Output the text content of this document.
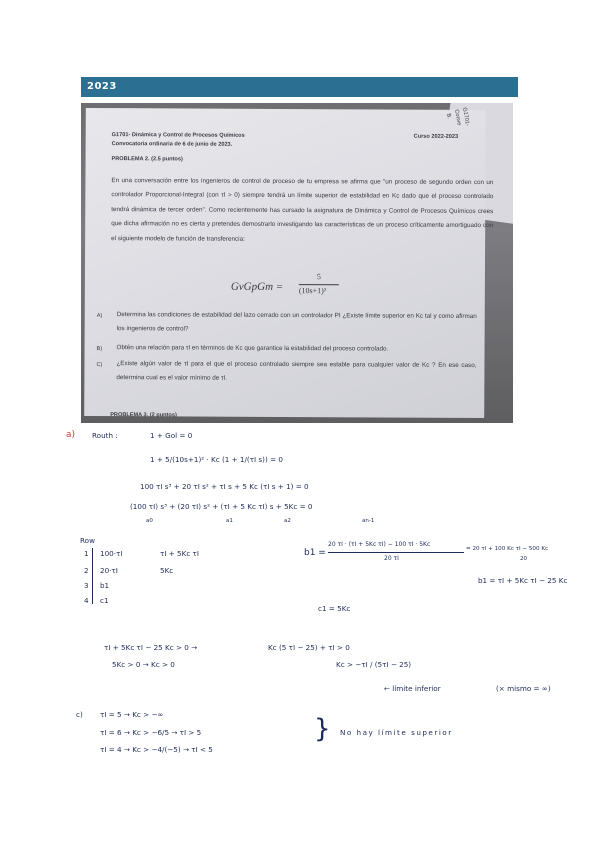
2023
G1701- Dinámica y Control de Procesos Químicos
Convocatoria ordinaria de 6 de junio de 2023.
Curso 2022-2023
PROBLEMA 2. (2.5 puntos)
En una conversación entre los ingenieros de control de proceso de tu empresa se afirma que "un proceso de segundo orden con un controlador Proporcional-Integral (con τI > 0) siempre tendrá un límite superior de estabilidad en Kc dado que el proceso controlado tendrá dinámica de tercer orden". Como recientemente has cursado la asignatura de Dinámica y Control de Procesos Químicos crees que dicha afirmación no es cierta y pretendes demostrarlo investigando las características de un proceso críticamente amortiguado con el siguiente modelo de función de transferencia:
GvGpGm =
5
(10s+1)²
A) Determina las condiciones de estabilidad del lazo cerrado con un controlador PI ¿Existe límite superior en Kc tal y como afirman los ingenieros de control?
B) Obtén una relación para τI en términos de Kc que garantice la estabilidad del proceso controlado.
C) ¿Existe algún valor de τI para el que el proceso controlado siempre sea estable para cualquier valor de Kc ? En ese caso, determina cual es el valor mínimo de τI.
PROBLEMA 3. (2 puntos)
G1701-
Conve
B.
a) Routh :	1 + Gol = 0
1 + 5/(10s+1)² · Kc (1 + 1/(τI s)) = 0
100 τI s³ + 20 τI s² + τI s + 5 Kc (τI s + 1) = 0
(100 τI) s³ + (20 τI) s² + (τI + 5 Kc τI) s + 5Kc = 0
a0	a1	a2	an-1
Row
1 100·τI	τI + 5Kc τI
2 20·τI	5Kc
3 b1
4 c1
b1 =
20 τI · (τI + 5Kc τI) − 100 τI · 5Kc
20 τI
= 20 τI + 100 Kc τI − 500 Kc
20
b1 = τI + 5Kc τI − 25 Kc
c1 = 5Kc
τI + 5Kc τI − 25 Kc > 0 →	Kc (5 τI − 25) + τI > 0
Kc > −τI / (5τI − 25)
5Kc > 0 → Kc > 0
← límite inferior	(× mismo = ∞)
c) τI = 5 → Kc > −∞
τI = 6 → Kc > −6/5 → τI > 5
τI = 4 → Kc > −4/(−5) → τI < 5
} No hay límite superior
